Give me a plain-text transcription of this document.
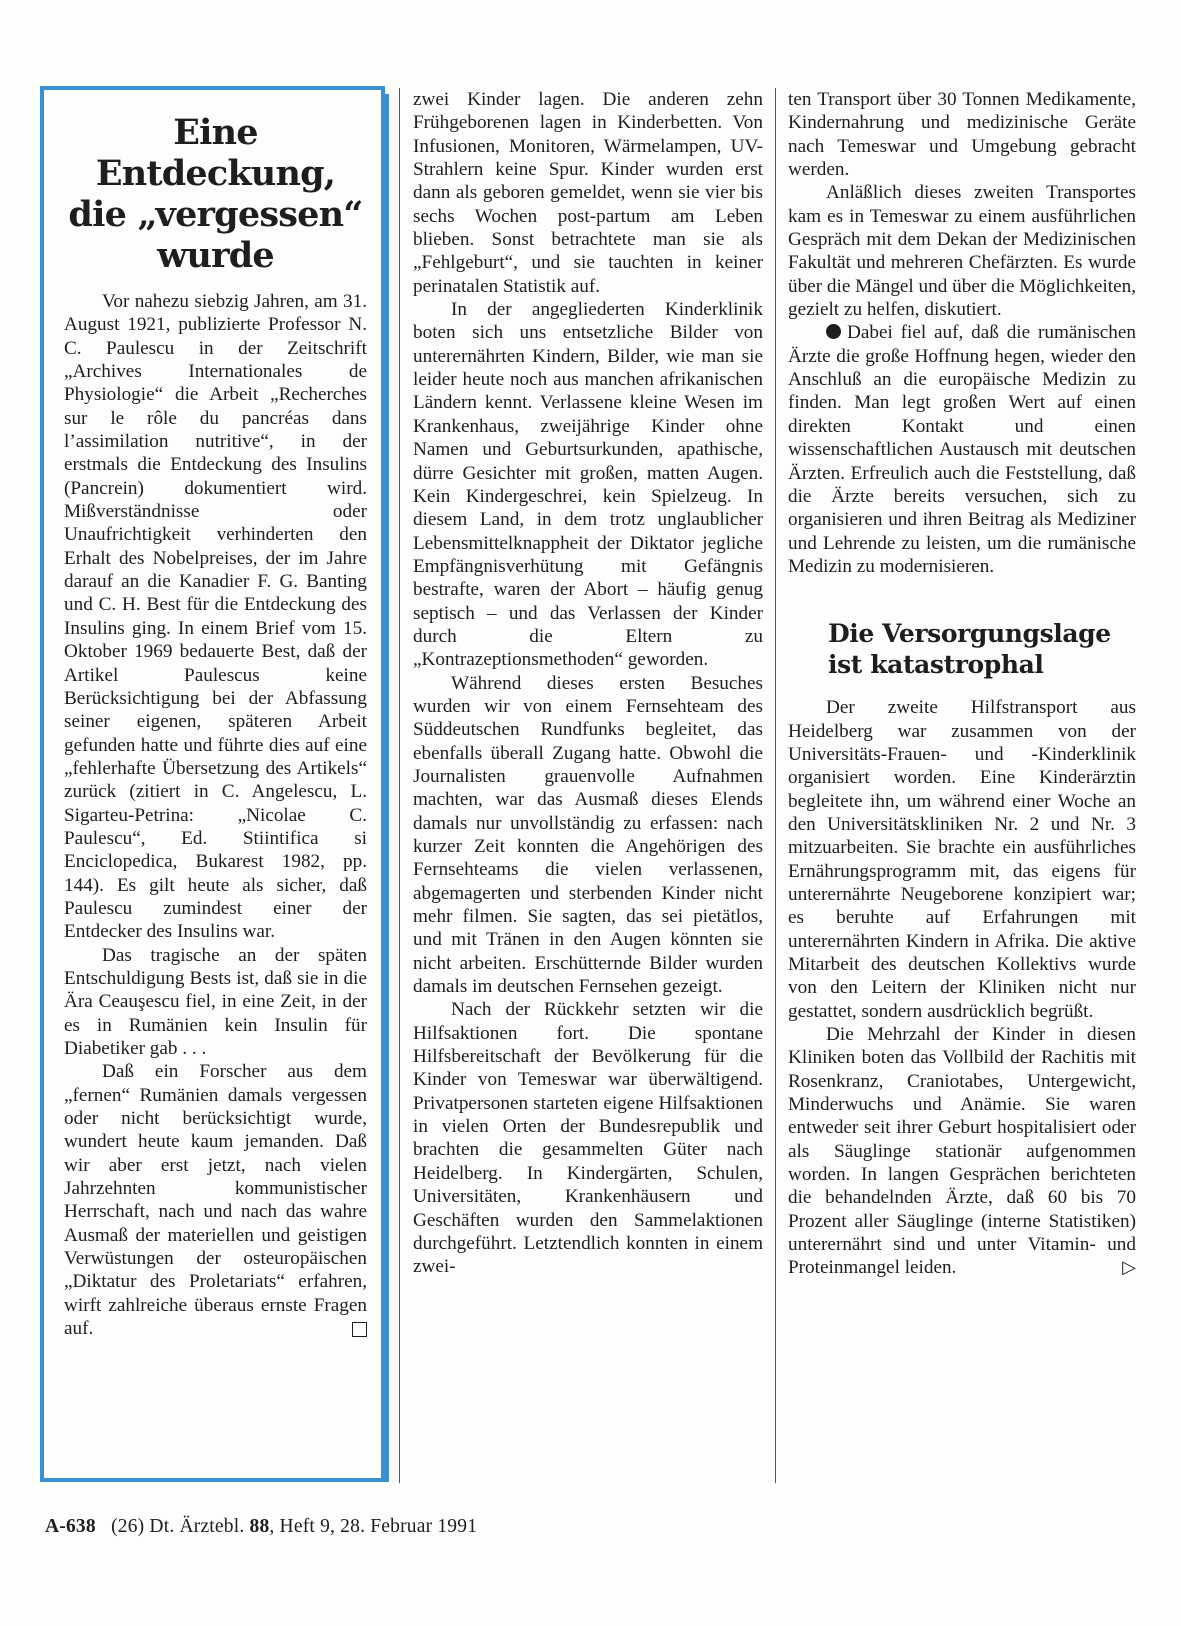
Eine Entdeckung, die „vergessen“ wurde

Vor nahezu siebzig Jahren, am 31. August 1921, publizierte Professor N. C. Paulescu in der Zeitschrift „Archives Internationales de Physiologie“ die Arbeit „Recherches sur le rôle du pancréas dans l’assimilation nutritive“, in der erstmals die Entdeckung des Insulins (Pancrein) dokumentiert wird. Mißverständnisse oder Unaufrichtigkeit verhinderten den Erhalt des Nobelpreises, der im Jahre darauf an die Kanadier F. G. Banting und C. H. Best für die Entdeckung des Insulins ging. In einem Brief vom 15. Oktober 1969 bedauerte Best, daß der Artikel Paulescus keine Berücksichtigung bei der Abfassung seiner eigenen, späteren Arbeit gefunden hatte und führte dies auf eine „fehlerhafte Übersetzung des Artikels“ zurück (zitiert in C. Angelescu, L. Sigarteu-Petrina: „Nicolae C. Paulescu“, Ed. Stiintifica si Enciclopedica, Bukarest 1982, pp. 144). Es gilt heute als sicher, daß Paulescu zumindest einer der Entdecker des Insulins war.

Das tragische an der späten Entschuldigung Bests ist, daß sie in die Ära Ceauşescu fiel, in eine Zeit, in der es in Rumänien kein Insulin für Diabetiker gab . . .

Daß ein Forscher aus dem „fernen“ Rumänien damals vergessen oder nicht berücksichtigt wurde, wundert heute kaum jemanden. Daß wir aber erst jetzt, nach vielen Jahrzehnten kommunistischer Herrschaft, nach und nach das wahre Ausmaß der materiellen und geistigen Verwüstungen der osteuropäischen „Diktatur des Proletariats“ erfahren, wirft zahlreiche überaus ernste Fragen auf.

zwei Kinder lagen. Die anderen zehn Frühgeborenen lagen in Kinderbetten. Von Infusionen, Monitoren, Wärmelampen, UV-Strahlern keine Spur. Kinder wurden erst dann als geboren gemeldet, wenn sie vier bis sechs Wochen post-partum am Leben blieben. Sonst betrachtete man sie als „Fehlgeburt“, und sie tauchten in keiner perinatalen Statistik auf.

In der angegliederten Kinderklinik boten sich uns entsetzliche Bilder von unterernährten Kindern, Bilder, wie man sie leider heute noch aus manchen afrikanischen Ländern kennt. Verlassene kleine Wesen im Krankenhaus, zweijährige Kinder ohne Namen und Geburtsurkunden, apathische, dürre Gesichter mit großen, matten Augen. Kein Kindergeschrei, kein Spielzeug. In diesem Land, in dem trotz unglaublicher Lebensmittelknappheit der Diktator jegliche Empfängnisverhütung mit Gefängnis bestrafte, waren der Abort – häufig genug septisch – und das Verlassen der Kinder durch die Eltern zu „Kontrazeptionsmethoden“ geworden.

Während dieses ersten Besuches wurden wir von einem Fernsehteam des Süddeutschen Rundfunks begleitet, das ebenfalls überall Zugang hatte. Obwohl die Journalisten grauenvolle Aufnahmen machten, war das Ausmaß dieses Elends damals nur unvollständig zu erfassen: nach kurzer Zeit konnten die Angehörigen des Fernsehteams die vielen verlassenen, abgemagerten und sterbenden Kinder nicht mehr filmen. Sie sagten, das sei pietätlos, und mit Tränen in den Augen könnten sie nicht arbeiten. Erschütternde Bilder wurden damals im deutschen Fernsehen gezeigt.

Nach der Rückkehr setzten wir die Hilfsaktionen fort. Die spontane Hilfsbereitschaft der Bevölkerung für die Kinder von Temeswar war überwältigend. Privatpersonen starteten eigene Hilfsaktionen in vielen Orten der Bundesrepublik und brachten die gesammelten Güter nach Heidelberg. In Kindergärten, Schulen, Universitäten, Krankenhäusern und Geschäften wurden den Sammelaktionen durchgeführt. Letztendlich konnten in einem zwei-

ten Transport über 30 Tonnen Medikamente, Kindernahrung und medizinische Geräte nach Temeswar und Umgebung gebracht werden.

Anläßlich dieses zweiten Transportes kam es in Temeswar zu einem ausführlichen Gespräch mit dem Dekan der Medizinischen Fakultät und mehreren Chefärzten. Es wurde über die Mängel und über die Möglichkeiten, gezielt zu helfen, diskutiert.

Dabei fiel auf, daß die rumänischen Ärzte die große Hoffnung hegen, wieder den Anschluß an die europäische Medizin zu finden. Man legt großen Wert auf einen direkten Kontakt und einen wissenschaftlichen Austausch mit deutschen Ärzten. Erfreulich auch die Feststellung, daß die Ärzte bereits versuchen, sich zu organisieren und ihren Beitrag als Mediziner und Lehrende zu leisten, um die rumänische Medizin zu modernisieren.

Die Versorgungslage ist katastrophal

Der zweite Hilfstransport aus Heidelberg war zusammen von der Universitäts-Frauen- und -Kinderklinik organisiert worden. Eine Kinderärztin begleitete ihn, um während einer Woche an den Universitätskliniken Nr. 2 und Nr. 3 mitzuarbeiten. Sie brachte ein ausführliches Ernährungsprogramm mit, das eigens für unterernährte Neugeborene konzipiert war; es beruhte auf Erfahrungen mit unterernährten Kindern in Afrika. Die aktive Mitarbeit des deutschen Kollektivs wurde von den Leitern der Kliniken nicht nur gestattet, sondern ausdrücklich begrüßt.

Die Mehrzahl der Kinder in diesen Kliniken boten das Vollbild der Rachitis mit Rosenkranz, Craniotabes, Untergewicht, Minderwuchs und Anämie. Sie waren entweder seit ihrer Geburt hospitalisiert oder als Säuglinge stationär aufgenommen worden. In langen Gesprächen berichteten die behandelnden Ärzte, daß 60 bis 70 Prozent aller Säuglinge (interne Statistiken) unterernährt sind und unter Vitamin- und Proteinmangel leiden.	▷

A-638 (26) Dt. Ärztebl. 88, Heft 9, 28. Februar 1991
